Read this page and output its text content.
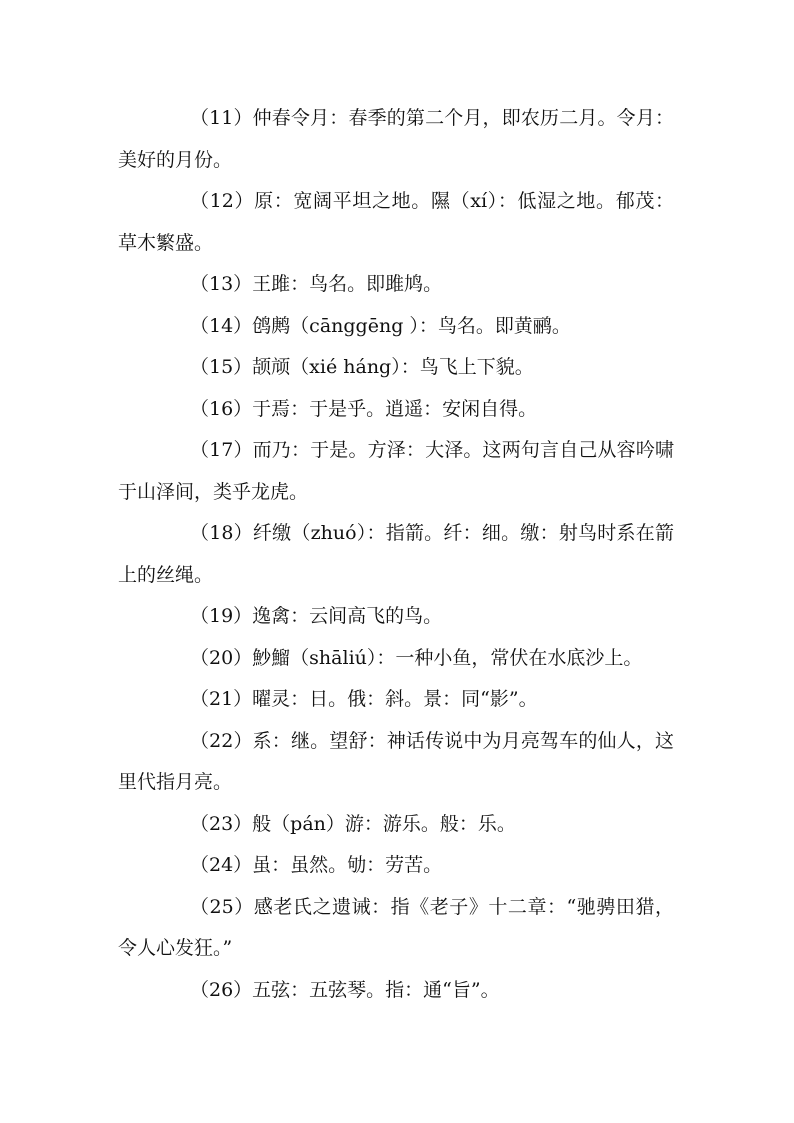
（11）仲春令月：春季的第二个月，即农历二月。令月：美好的月份。

（12）原：宽阔平坦之地。隰（xí）：低湿之地。郁茂：草木繁盛。

（13）王雎：鸟名。即雎鸠。

（14）鸧鹒（cānggēng ）：鸟名。即黄鹂。

（15）颉颃（xié háng）：鸟飞上下貌。

（16）于焉：于是乎。逍遥：安闲自得。

（17）而乃：于是。方泽：大泽。这两句言自己从容吟啸于山泽间，类乎龙虎。

（18）纤缴（zhuó）：指箭。纤：细。缴：射鸟时系在箭上的丝绳。

（19）逸禽：云间高飞的鸟。

（20）魦鰡（shāliú）：一种小鱼，常伏在水底沙上。

（21）曜灵：日。俄：斜。景：同“影”。

（22）系：继。望舒：神话传说中为月亮驾车的仙人，这里代指月亮。

（23）般（pán）游：游乐。般：乐。

（24）虽：虽然。劬：劳苦。

（25）感老氏之遗诫：指《老子》十二章：“驰骋田猎，令人心发狂。”

（26）五弦：五弦琴。指：通“旨”。
